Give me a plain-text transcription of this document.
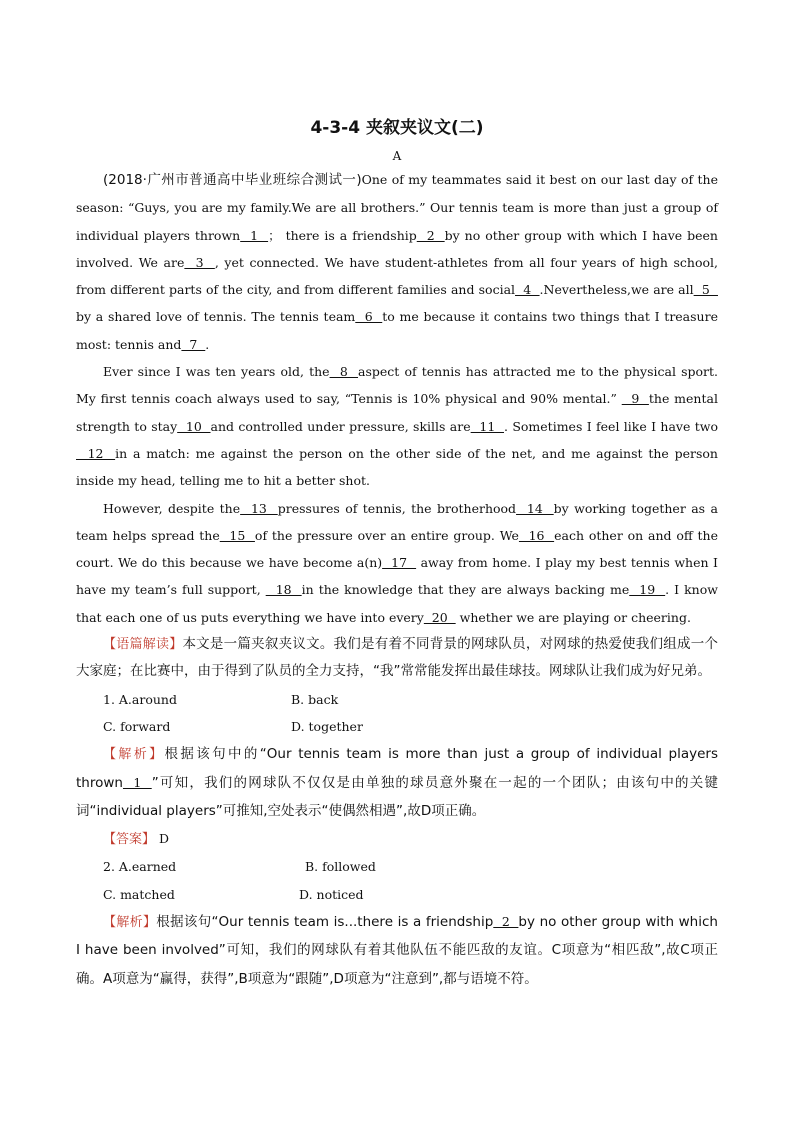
4-3-4 夹叙夹议文(二)
A

(2018·广州市普通高中毕业班综合测试一)One of my teammates said it best on our last day of the season: “Guys, you are my family.We are all brothers.” Our tennis team is more than just a group of individual players thrown  1  ； there is a friendship  2  by no other group with which I have been involved. We are  3  , yet connected. We have student-athletes from all four years of high school, from different parts of the city, and from different families and social  4  .Nevertheless,we are all  5   by a shared love of tennis. The tennis team  6  to me because it contains two things that I treasure most: tennis and  7  .

Ever since I was ten years old, the  8  aspect of tennis has attracted me to the physical sport. My first tennis coach always used to say, “Tennis is 10% physical and 90% mental.”   9  the mental strength to stay  10  and controlled under pressure, skills are  11  . Sometimes I feel like I have two  12  in a match: me against the person on the other side of the net, and me against the person inside my head, telling me to hit a better shot.

However, despite the  13  pressures of tennis, the brotherhood  14  by working together as a team helps spread the  15  of the pressure over an entire group. We  16  each other on and off the court. We do this because we have become a(n)  17   away from home. I play my best tennis when I have my team’s full support,   18  in the knowledge that they are always backing me  19  . I know that each one of us puts everything we have into every  20   whether we are playing or cheering.

【语篇解读】本文是一篇夹叙夹议文。我们是有着不同背景的网球队员，对网球的热爱使我们组成一个大家庭；在比赛中，由于得到了队员的全力支持，“我”常常能发挥出最佳球技。网球队让我们成为好兄弟。

1. A.around	B. back
C. forward	D. together

【解析】根据该句中的“Our tennis team is more than just a group of individual players thrown  1  ”可知，我们的网球队不仅仅是由单独的球员意外聚在一起的一个团队；由该句中的关键词“individual players”可推知,空处表示“使偶然相遇”,故D项正确。

【答案】 D

2. A.earned	B. followed
C. matched	D. noticed

【解析】根据该句“Our tennis team is...there is a friendship  2  by no other group with which I have been involved”可知，我们的网球队有着其他队伍不能匹敌的友谊。C项意为“相匹敌”,故C项正确。A项意为“赢得，获得”,B项意为“跟随”,D项意为“注意到”,都与语境不符。
